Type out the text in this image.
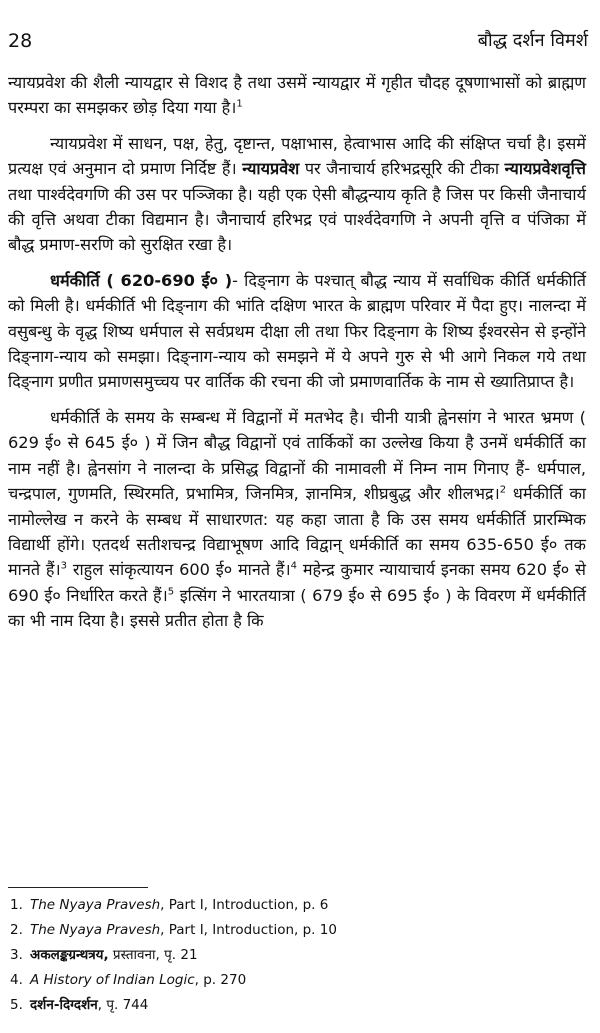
28	बौद्ध दर्शन विमर्श

न्यायप्रवेश की शैली न्यायद्वार से विशद है तथा उसमें न्यायद्वार में गृहीत चौदह दूषणाभासों को ब्राह्मण परम्परा का समझकर छोड़ दिया गया है।$^1$

न्यायप्रवेश में साधन, पक्ष, हेतु, दृष्टान्त, पक्षाभास, हेत्वाभास आदि की संक्षिप्त चर्चा है। इसमें प्रत्यक्ष एवं अनुमान दो प्रमाण निर्दिष्ट हैं। न्यायप्रवेश पर जैनाचार्य हरिभद्रसूरि की टीका न्यायप्रवेशवृत्ति तथा पार्श्वदेवगणि की उस पर पञ्जिका है। यही एक ऐसी बौद्धन्याय कृति है जिस पर किसी जैनाचार्य की वृत्ति अथवा टीका विद्यमान है। जैनाचार्य हरिभद्र एवं पार्श्वदेवगणि ने अपनी वृत्ति व पंजिका में बौद्ध प्रमाण-सरणि को सुरक्षित रखा है।

धर्मकीर्ति ( 620-690 ई० )- दिङ्नाग के पश्चात् बौद्ध न्याय में सर्वाधिक कीर्ति धर्मकीर्ति को मिली है। धर्मकीर्ति भी दिङ्नाग की भांति दक्षिण भारत के ब्राह्मण परिवार में पैदा हुए। नालन्दा में वसुबन्धु के वृद्ध शिष्य धर्मपाल से सर्वप्रथम दीक्षा ली तथा फिर दिङ्नाग के शिष्य ईश्वरसेन से इन्होंने दिङ्नाग-न्याय को समझा। दिङ्नाग-न्याय को समझने में ये अपने गुरु से भी आगे निकल गये तथा दिङ्नाग प्रणीत प्रमाणसमुच्चय पर वार्तिक की रचना की जो प्रमाणवार्तिक के नाम से ख्यातिप्राप्त है।

धर्मकीर्ति के समय के सम्बन्ध में विद्वानों में मतभेद है। चीनी यात्री ह्वेनसांग ने भारत भ्रमण ( 629 ई० से 645 ई० ) में जिन बौद्ध विद्वानों एवं तार्किकों का उल्लेख किया है उनमें धर्मकीर्ति का नाम नहीं है। ह्वेनसांग ने नालन्दा के प्रसिद्ध विद्वानों की नामावली में निम्न नाम गिनाए हैं- धर्मपाल, चन्द्रपाल, गुणमति, स्थिरमति, प्रभामित्र, जिनमित्र, ज्ञानमित्र, शीघ्रबुद्ध और शीलभद्र।$^2$ धर्मकीर्ति का नामोल्लेख न करने के सम्बध में साधारणत: यह कहा जाता है कि उस समय धर्मकीर्ति प्रारम्भिक विद्यार्थी होंगे। एतदर्थ सतीशचन्द्र विद्याभूषण आदि विद्वान् धर्मकीर्ति का समय 635-650 ई० तक मानते हैं।$^3$ राहुल सांकृत्यायन 600 ई० मानते हैं।$^4$ महेन्द्र कुमार न्यायाचार्य इनका समय 620 ई० से 690 ई० निर्धारित करते हैं।$^5$ इत्सिंग ने भारतयात्रा ( 679 ई० से 695 ई० ) के विवरण में धर्मकीर्ति का भी नाम दिया है। इससे प्रतीत होता है कि

1. The Nyaya Pravesh, Part I, Introduction, p. 6
2. The Nyaya Pravesh, Part I, Introduction, p. 10
3. अकलङ्कग्रन्थत्रय, प्रस्तावना, पृ. 21
4. A History of Indian Logic, p. 270
5. दर्शन-दिग्दर्शन, पृ. 744
